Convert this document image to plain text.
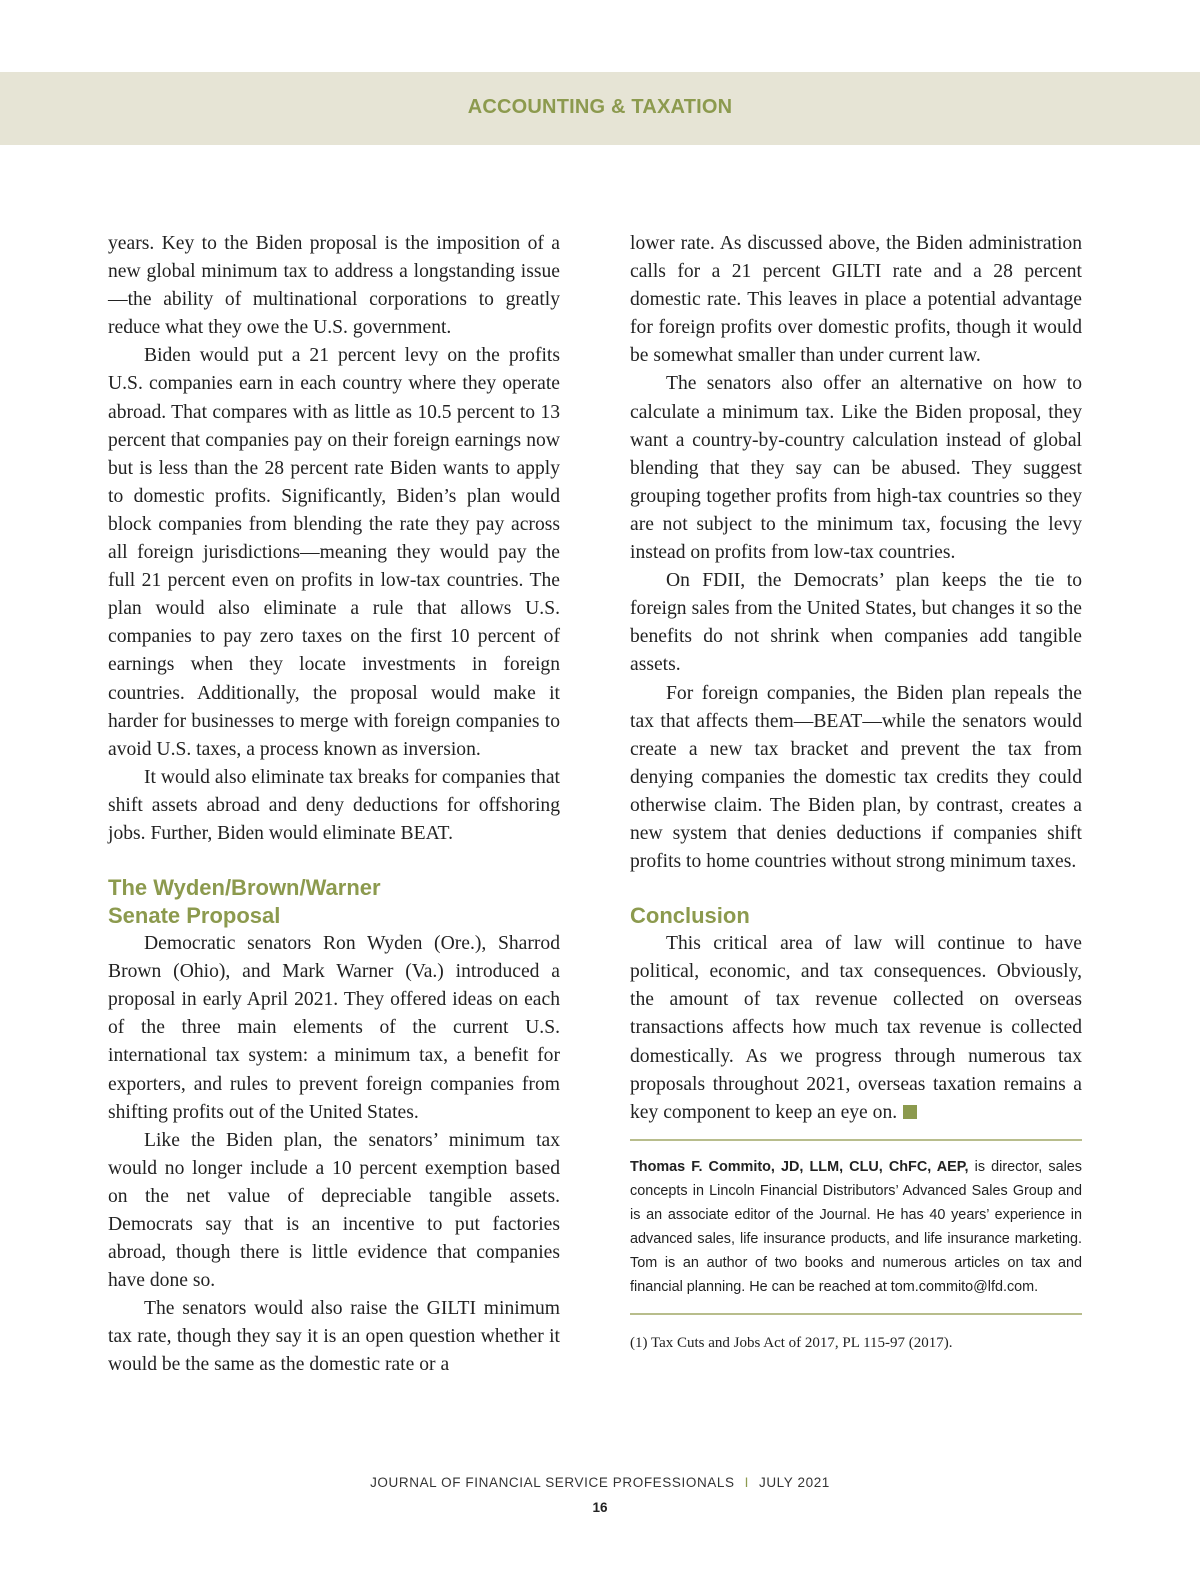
ACCOUNTING & TAXATION

years. Key to the Biden proposal is the imposition of a new global minimum tax to address a longstanding issue—the ability of multinational corporations to greatly reduce what they owe the U.S. government.

Biden would put a 21 percent levy on the profits U.S. companies earn in each country where they operate abroad. That compares with as little as 10.5 percent to 13 percent that companies pay on their foreign earnings now but is less than the 28 percent rate Biden wants to apply to domestic profits. Significantly, Biden’s plan would block companies from blending the rate they pay across all foreign jurisdictions—meaning they would pay the full 21 percent even on profits in low-tax countries. The plan would also eliminate a rule that allows U.S. companies to pay zero taxes on the first 10 percent of earnings when they locate investments in foreign countries. Additionally, the proposal would make it harder for businesses to merge with foreign companies to avoid U.S. taxes, a process known as inversion.

It would also eliminate tax breaks for companies that shift assets abroad and deny deductions for offshoring jobs. Further, Biden would eliminate BEAT.

The Wyden/Brown/Warner
Senate Proposal

Democratic senators Ron Wyden (Ore.), Sharrod Brown (Ohio), and Mark Warner (Va.) introduced a proposal in early April 2021. They offered ideas on each of the three main elements of the current U.S. international tax system: a minimum tax, a benefit for exporters, and rules to prevent foreign companies from shifting profits out of the United States.

Like the Biden plan, the senators’ minimum tax would no longer include a 10 percent exemption based on the net value of depreciable tangible assets. Democrats say that is an incentive to put factories abroad, though there is little evidence that companies have done so.

The senators would also raise the GILTI minimum tax rate, though they say it is an open question whether it would be the same as the domestic rate or a

lower rate. As discussed above, the Biden administration calls for a 21 percent GILTI rate and a 28 percent domestic rate. This leaves in place a potential advantage for foreign profits over domestic profits, though it would be somewhat smaller than under current law.

The senators also offer an alternative on how to calculate a minimum tax. Like the Biden proposal, they want a country-by-country calculation instead of global blending that they say can be abused. They suggest grouping together profits from high-tax countries so they are not subject to the minimum tax, focusing the levy instead on profits from low-tax countries.

On FDII, the Democrats’ plan keeps the tie to foreign sales from the United States, but changes it so the benefits do not shrink when companies add tangible assets.

For foreign companies, the Biden plan repeals the tax that affects them—BEAT—while the senators would create a new tax bracket and prevent the tax from denying companies the domestic tax credits they could otherwise claim. The Biden plan, by contrast, creates a new system that denies deductions if companies shift profits to home countries without strong minimum taxes.

Conclusion

This critical area of law will continue to have political, economic, and tax consequences. Obviously, the amount of tax revenue collected on overseas transactions affects how much tax revenue is collected domestically. As we progress through numerous tax proposals throughout 2021, overseas taxation remains a key component to keep an eye on.

Thomas F. Commito, JD, LLM, CLU, ChFC, AEP, is director, sales concepts in Lincoln Financial Distributors’ Advanced Sales Group and is an associate editor of the Journal. He has 40 years’ experience in advanced sales, life insurance products, and life insurance marketing. Tom is an author of two books and numerous articles on tax and financial planning. He can be reached at tom.commito@lfd.com.
(1) Tax Cuts and Jobs Act of 2017, PL 115-97 (2017).
JOURNAL OF FINANCIAL SERVICE PROFESSIONALS I JULY 2021
16
